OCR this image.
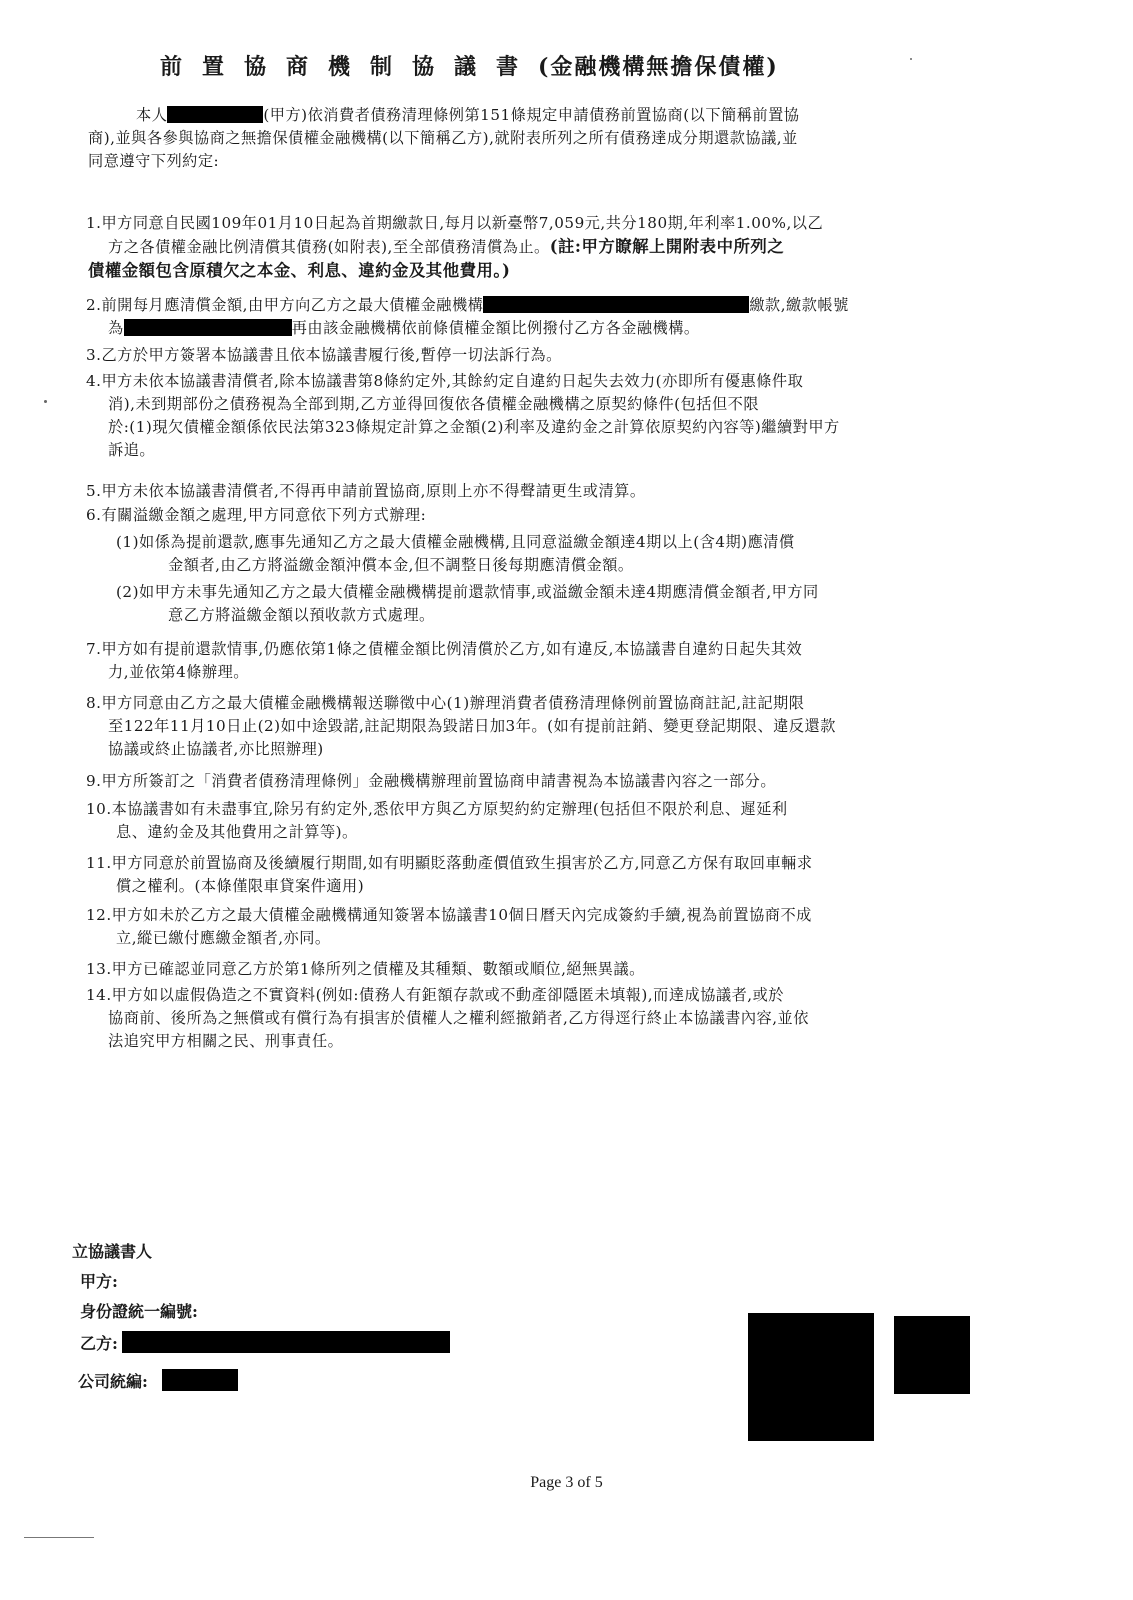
前置協商機制協議書(金融機構無擔保債權)
本人	(甲方)依消費者債務清理條例第151條規定申請債務前置協商(以下簡稱前置協
商),並與各參與協商之無擔保債權金融機構(以下簡稱乙方),就附表所列之所有債務達成分期還款協議,並
同意遵守下列約定:
1.甲方同意自民國109年01月10日起為首期繳款日,每月以新臺幣7,059元,共分180期,年利率1.00%,以乙
方之各債權金融比例清償其債務(如附表),至全部債務清償為止。(註:甲方瞭解上開附表中所列之
債權金額包含原積欠之本金、利息、違約金及其他費用。)
2.前開每月應清償金額,由甲方向乙方之最大債權金融機構	繳款,繳款帳號
為	再由該金融機構依前條債權金額比例撥付乙方各金融機構。
3.乙方於甲方簽署本協議書且依本協議書履行後,暫停一切法訴行為。
4.甲方未依本協議書清償者,除本協議書第8條約定外,其餘約定自違約日起失去效力(亦即所有優惠條件取
消),未到期部份之債務視為全部到期,乙方並得回復依各債權金融機構之原契約條件(包括但不限
於:(1)現欠債權金額係依民法第323條規定計算之金額(2)利率及違約金之計算依原契約內容等)繼續對甲方
訴追。
5.甲方未依本協議書清償者,不得再申請前置協商,原則上亦不得聲請更生或清算。
6.有關溢繳金額之處理,甲方同意依下列方式辦理:
(1)如係為提前還款,應事先通知乙方之最大債權金融機構,且同意溢繳金額達4期以上(含4期)應清償
金額者,由乙方將溢繳金額沖償本金,但不調整日後每期應清償金額。
(2)如甲方未事先通知乙方之最大債權金融機構提前還款情事,或溢繳金額未達4期應清償金額者,甲方同
意乙方將溢繳金額以預收款方式處理。
7.甲方如有提前還款情事,仍應依第1條之債權金額比例清償於乙方,如有違反,本協議書自違約日起失其效
力,並依第4條辦理。
8.甲方同意由乙方之最大債權金融機構報送聯徵中心(1)辦理消費者債務清理條例前置協商註記,註記期限
至122年11月10日止(2)如中途毀諾,註記期限為毀諾日加3年。(如有提前註銷、變更登記期限、違反還款
協議或終止協議者,亦比照辦理)
9.甲方所簽訂之「消費者債務清理條例」金融機構辦理前置協商申請書視為本協議書內容之一部分。
10.本協議書如有未盡事宜,除另有約定外,悉依甲方與乙方原契約約定辦理(包括但不限於利息、遲延利
息、違約金及其他費用之計算等)。
11.甲方同意於前置協商及後續履行期間,如有明顯貶落動產價值致生損害於乙方,同意乙方保有取回車輛求
償之權利。(本條僅限車貸案件適用)
12.甲方如未於乙方之最大債權金融機構通知簽署本協議書10個日曆天內完成簽約手續,視為前置協商不成
立,縱已繳付應繳金額者,亦同。
13.甲方已確認並同意乙方於第1條所列之債權及其種類、數額或順位,絕無異議。
14.甲方如以虛假偽造之不實資料(例如:債務人有鉅額存款或不動產卻隱匿未填報),而達成協議者,或於
協商前、後所為之無償或有償行為有損害於債權人之權利經撤銷者,乙方得逕行終止本協議書內容,並依
法追究甲方相關之民、刑事責任。
立協議書人
甲方:
身份證統一編號:
乙方:
公司統編:
Page 3 of 5
